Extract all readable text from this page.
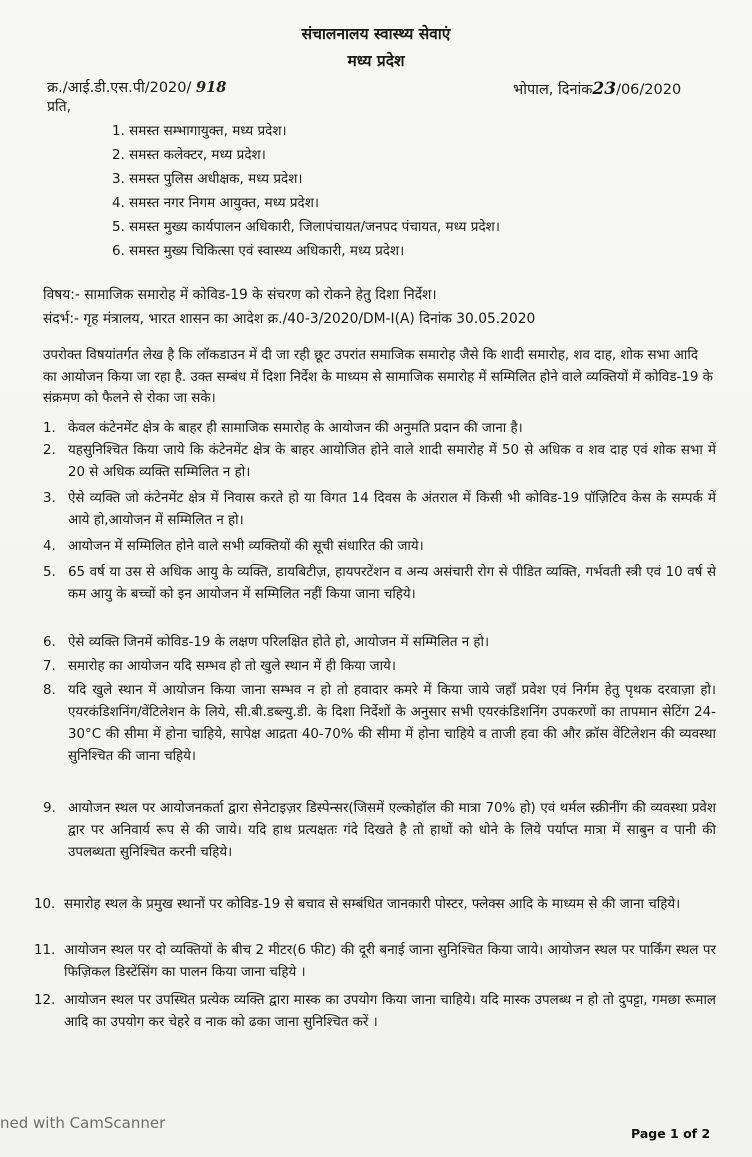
संचालनालय स्वास्थ्य सेवाएं
मध्य प्रदेश
क्र./आई.डी.एस.पी/2020/ 918	भोपाल, दिनांक23/06/2020
प्रति,
1. समस्त सम्भागायुक्त, मध्य प्रदेश।
2. समस्त कलेक्टर, मध्य प्रदेश।
3. समस्त पुलिस अधीक्षक, मध्य प्रदेश।
4. समस्त नगर निगम आयुक्त, मध्य प्रदेश।
5. समस्त मुख्य कार्यपालन अधिकारी, जिलापंचायत/जनपद पंचायत, मध्य प्रदेश।
6. समस्त मुख्य चिकित्सा एवं स्वास्थ्य अधिकारी, मध्य प्रदेश।
विषय:- सामाजिक समारोह में कोविड-19 के संचरण को रोकने हेतु दिशा निर्देश।
संदर्भ:- गृह मंत्रालय, भारत शासन का आदेश क्र./40-3/2020/DM-I(A) दिनांक 30.05.2020
उपरोक्त विषयांतर्गत लेख है कि लॉकडाउन में दी जा रही छूट उपरांत समाजिक समारोह जैसे कि शादी समारोह, शव दाह, शोक सभा आदि का आयोजन किया जा रहा है. उक्त सम्बंध में दिशा निर्देश के माध्यम से सामाजिक समारोह में सम्मिलित होने वाले व्यक्तियों में कोविड-19 के संक्रमण को फैलने से रोका जा सके।
1. केवल कंटेनमेंट क्षेत्र के बाहर ही सामाजिक समारोह के आयोजन की अनुमति प्रदान की जाना है।
2. यहसुनिश्चित किया जाये कि कंटेनमेंट क्षेत्र के बाहर आयोजित होने वाले शादी समारोह में 50 से अधिक व शव दाह एवं शोक सभा में 20 से अधिक व्यक्ति सम्मिलित न हो।
3. ऐसे व्यक्ति जो कंटेनमेंट क्षेत्र में निवास करते हो या विगत 14 दिवस के अंतराल में किसी भी कोविड-19 पॉज़िटिव केस के सम्पर्क में आये हो,आयोजन में सम्मिलित न हो।
4. आयोजन में सम्मिलित होने वाले सभी व्यक्तियों की सूची संधारित की जाये।
5. 65 वर्ष या उस से अधिक आयु के व्यक्ति, डायबिटीज़, हायपरटेंशन व अन्य असंचारी रोग से पीडित व्यक्ति, गर्भवती स्त्री एवं 10 वर्ष से कम आयु के बच्चों को इन आयोजन में सम्मिलित नहीं किया जाना चहिये।
6. ऐसे व्यक्ति जिनमें कोविड-19 के लक्षण परिलक्षित होते हो, आयोजन में सम्मिलित न हो।
7. समारोह का आयोजन यदि सम्भव हो तो खुले स्थान में ही किया जाये।
8. यदि खुले स्थान में आयोजन किया जाना सम्भव न हो तो हवादार कमरे में किया जाये जहाँ प्रवेश एवं निर्गम हेतु पृथक दरवाज़ा हो। एयरकंडिशनिंग/वेंटिलेशन के लिये, सी.बी.डब्ल्यु.डी. के दिशा निर्देशों के अनुसार सभी एयरकंडिशनिंग उपकरणों का तापमान सेटिंग 24-30°C की सीमा में होना चाहिये, सापेक्ष आद्रता 40-70% की सीमा में होना चाहिये व ताजी हवा की और क्रॉस वेंटिलेशन की व्यवस्था सुनिश्चित की जाना चहिये।
9. आयोजन स्थल पर आयोजनकर्ता द्वारा सेनेटाइज़र डिस्पेन्सर(जिसमें एल्कोहॉल की मात्रा 70% हो) एवं थर्मल स्क्रीनींग की व्यवस्था प्रवेश द्वार पर अनिवार्य रूप से की जाये। यदि हाथ प्रत्यक्षतः गंदे दिखते है तो हाथों को धोने के लिये पर्याप्त मात्रा में साबुन व पानी की उपलब्धता सुनिश्चित करनी चहिये।
10. समारोह स्थल के प्रमुख स्थानों पर कोविड-19 से बचाव से सम्बंधित जानकारी पोस्टर, फ्लेक्स आदि के माध्यम से की जाना चहिये।
11. आयोजन स्थल पर दो व्यक्तियों के बीच 2 मीटर(6 फीट) की दूरी बनाई जाना सुनिश्चित किया जाये। आयोजन स्थल पर पार्किंग स्थल पर फिज़िकल डिस्टेंसिंग का पालन किया जाना चहिये ।
12. आयोजन स्थल पर उपस्थित प्रत्येक व्यक्ति द्वारा मास्क का उपयोग किया जाना चाहिये। यदि मास्क उपलब्ध न हो तो दुपट्टा, गमछा रूमाल आदि का उपयोग कर चेहरे व नाक को ढका जाना सुनिश्चित करें ।
ned with CamScanner
Page 1 of 2
